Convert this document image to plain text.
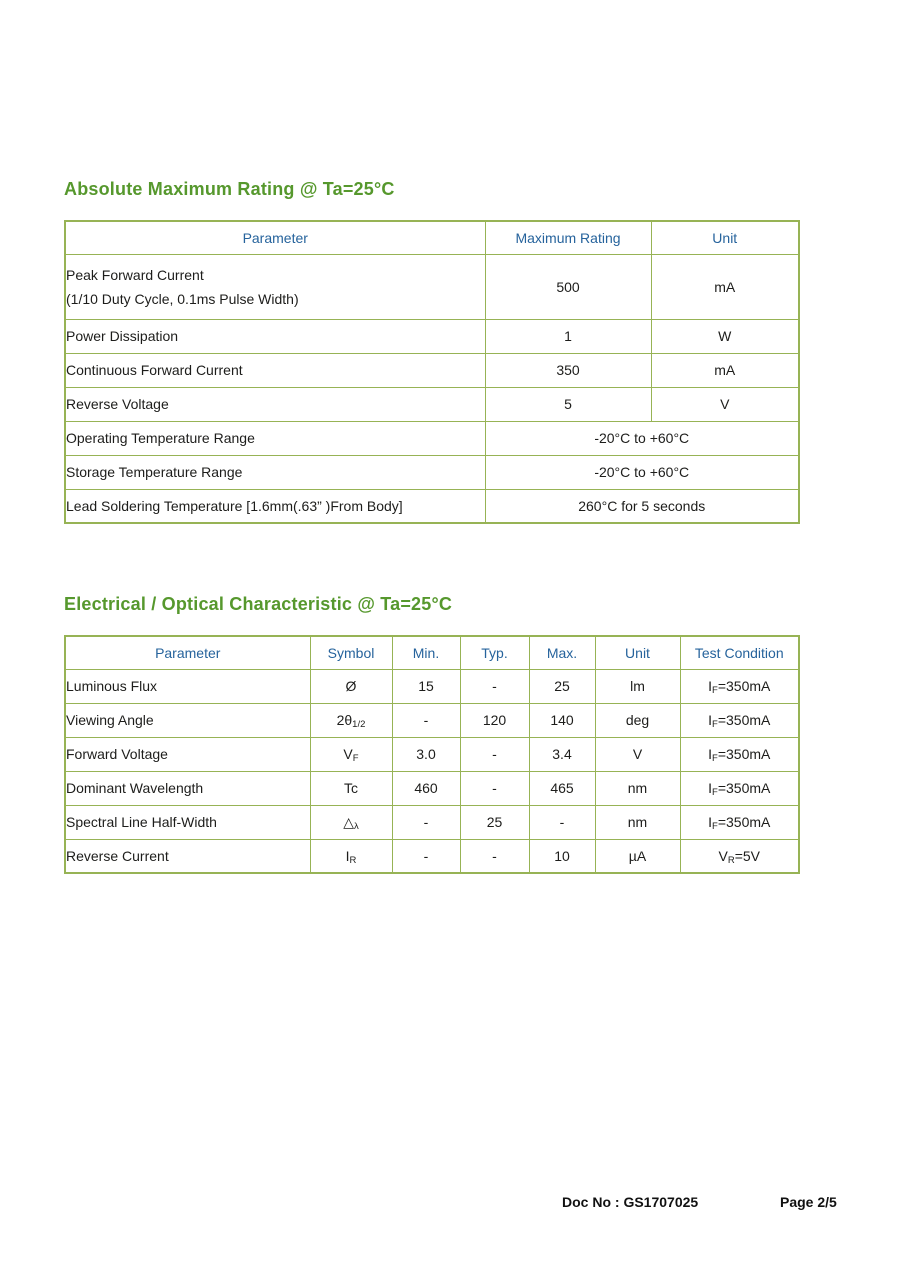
Absolute Maximum Rating @ Ta=25°C
Parameter	Maximum Rating	Unit

Peak Forward Current
(1/10 Duty Cycle, 0.1ms Pulse Width)	500	mA
Power Dissipation	1	W
Continuous Forward Current	350	mA
Reverse Voltage	5	V
Operating Temperature Range	-20°C to +60°C	
Storage Temperature Range	-20°C to +60°C	
Lead Soldering Temperature [1.6mm(.63” )From Body]	260°C for 5 seconds	
Electrical / Optical Characteristic @ Ta=25°C
Parameter	Symbol	Min.	Typ.	Max.	Unit	Test Condition
Luminous Flux	Ø	15	-	25	lm	$I_F=350mA$
Viewing Angle	$2\theta_{1/2}$	-	120	140	deg	$I_F=350mA$
Forward Voltage	$V_F$	3.0	-	3.4	V	$I_F=350mA$
Dominant Wavelength	Tc	460	-	465	nm	$I_F=350mA$
Spectral Line Half-Width	$\triangle_\lambda$	-	25	-	nm	$I_F=350mA$
Reverse Current	$I_R$	-	-	10	µA	$V_R=5V$
Doc No : GS1707025	Page 2/5
